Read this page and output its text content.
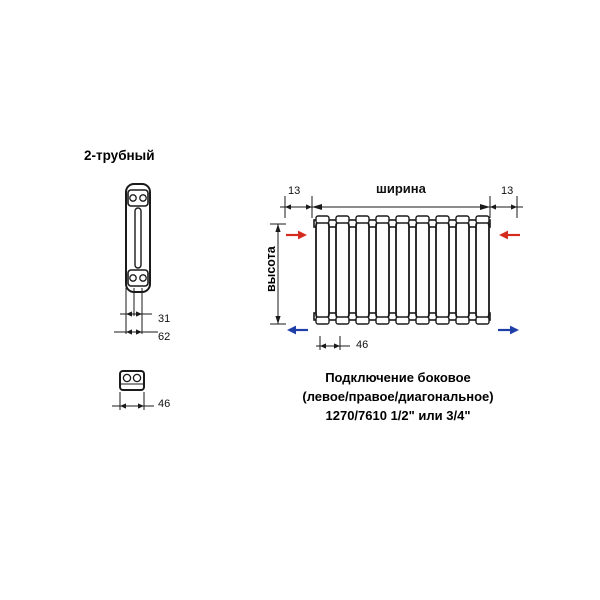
2-трубный
31
62
46
ширина
13	13
высота
46
Подключение боковое
(левое/правое/диагональное)
1270/7610 1/2" или 3/4"
